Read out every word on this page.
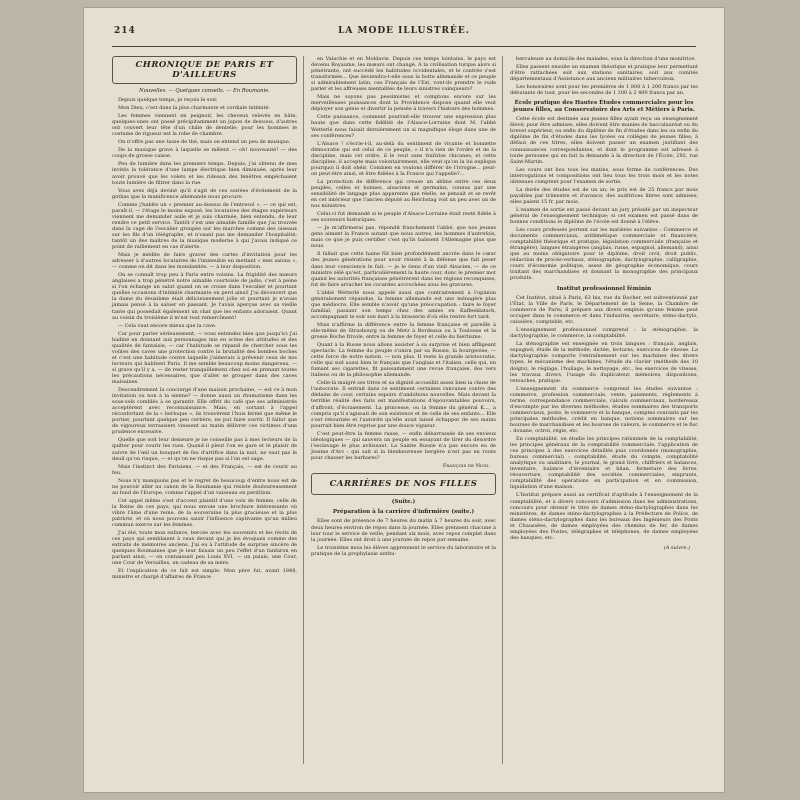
214	LA MODE ILLUSTRÉE.
CHRONIQUE DE PARIS ET D'AILLEURS
Nouvelles. — Quelques conseils. — En Roumanie.

Depuis quelque temps, je reçois le soir.

Mon Dieu, c'est dans la plus charmante et cordiale intimité.

Les femmes viennent en peignoir, les cheveux relevés en hâte, quelques-unes ont passé précipitamment un jupon de dessous, d'autres ont couvert leur tête d'un châle de dentelle; pour les hommes le costume de rigueur est la robe de chambre.

On n'offre pas une tasse de thé, mais on entend un peu de musique.

De la musique grave à laquelle se mêlent — oh! nouveauté! — des coups de grosse caisse.

Peu de lumière dans les premiers temps. Depuis, j'ai obtenu de mes invités la tolérance d'une lampe électrique bien diminuée, après leur avoir prouvé que les volets et les rideaux des fenêtres empêchaient toute lumière de filtrer dans la rue.

Vous avez déjà deviné qu'il s'agit de ces soirées d'évitement de la gothas que la munificence allemande nous procure.

Comme j'habite un « premier au-dessus de l'entresol », — ce qui est, paraît-il, — l'étage le moins exposé, les locataires des étages supérieurs viennent me demander asile et je suis charmée, bien entendu, de leur rendre ce petit service. Tantôt c'est une aimable famille que j'ai trouvée dans la cage de l'escalier groupée sur les marches comme des oiseaux sur les fils d'un télégraphe, et n'osant pas me demander l'hospitalité; tantôt un des maîtres de la musique moderne à qui j'avais indiqué ce point de ralliement en cas d'alerte.

Mais je médite de faire graver des cartes d'invitation pour les adresser à d'autres locataires de l'immeuble en mettant « mes salons », — comme on dit dans les mondanités. — à leur disposition.

On se connaît trop peu à Paris entre voisins. La frigidité des mœurs anglaises a trop pénétré notre aimable courtoisie de jadis; c'est à peine si l'on échange un salut quand on se croise dans l'escalier et pourtant quelles occasions d'intimité charmante on perd ainsi! J'ai découvert que la dame du deuxième était délicieusement jolie et pourtant je n'avais jamais pensé à la saluer en passant. Je l'avais aperçue avec sa vieille tante qui possédait également un chat que les enfants adoraient. Quant au voisin du troisième il m'est tout remercîment!

— Cela vaut encore mieux que la cave.

Car pour parler sérieusement, — vous entendez bien que jusqu'ici j'ai badiné en donnant aux personnages mis en scène des attitudes et des qualités de fantaisie, — car l'habitude se répand de chercher sous les voûtes des caves une protection contre la brutalité des bombes boches et c'est une habitude contre laquelle j'aimerais à prévenir ceux de nos lecteurs qui habitent Paris. Il me semble beaucoup moins dangereux, — si grave qu'il y a, — de rester tranquillement chez soi en prenant toutes les précautions nécessaires, que d'aller se grouper dans des caves malsaines.

Descendrement la concierge d'une maison prochaine, — est ce à mon invitation ou non à la sienne? — donne aussi un rhumatisme dans les sous-sols comblés à se garantir. Elle offrit du café que ses administrés acceptèrent avec reconnaissance. Mais, en sortant à l'appel réconfortant de la « berloque », ils trouvèrent l'huis fermé que même le portier, pourtant quelque peu cerbère, ne put faire ouvrir. Il fallut que de vigoureux terrassiers vinssent au matin délivrer ces victimes d'une prudence excessive.

Quelle que soit leur demeure je ne conseille pas à mes lecteurs de la quitter pour courir les rues. Quand il pleut l'on se gare et le plaisir de suivre de l'œil un bouquet de feu d'artifice dans la nuit, ne vaut pas le deuil qu'on risque, — et qu'on ne risque pas si l'on est sage.

Mais l'instinct des Parisiens, — et des Français, — est de courir au feu.

Nous n'y manquons pas et le regret de beaucoup d'entre nous est de ne pouvoir aller au canon de la Roumanie qui résiste douloureusement au fond de l'Europe, comme l'appel d'un vaisseau en perdition.

Cet appel même s'est d'accent plaintif d'une voix de femme, celle de la Reine de ces pays, qui nous envoie une brochure intéressante où vibre l'âme d'une reine, de la souveraine la plus gracieuse et la plus patriote, et où nous pouvons saisir l'influence captivante qu'un milieu commun exerce sur les femmes.

J'ai été, toute mon enfance, bercée avec les souvenirs et les récits de ces pays qui semblaient à ceux devant qui je les évoquais comme des extraits de mémoires anciens. J'ai eu à l'attitude de surprise sincère de quelques Roumaines que je leur faisais un peu l'effet d'un fanfaron en parlant ainsi, — on connaissait peu Louis XVI, — un palais, une Cour, une Cour de Versailles, un cadeau de sa mère.

Et l'explication de ce fait est simple. Mon père fut, avant 1848, ministre et chargé d'affaires de France

en Valachie et en Moldavie. Depuis ces temps lointains, le pays est devenu Royaume, les mœurs ont changé. À la civilisation turque alors si pénétrante, ont succédé les habitudes occidentales, et le contrée s'est transformée... Que deviendra-t-elle sous la botte allemande et ce peuple si admirablement latin, ces Français de l'Est, vont-ils prendre le rude parler et les affreuses mentalités de leurs sinistres vainqueurs?

Mais ne soyons pas pessimistes et comptons encore sur les merveilleuses puissances dont la Providence dispose quand elle veut déployer son génie et divertir la pensée à travers l'histoire des hommes.

Cette puissance, comment pourrait-elle trouver une expression plus haute que dans cette fidélité de l'Alsace-Lorraine dont M. l'abbé Wetterlé nous faisait dernièrement un si magnifique éloge dans une de ses conférences?

L'Alsace ! s'écrie-t-il, au-delà du sentiment de vivante et bonnette démocratie qui est celui de ce peuple, « il n'a rien de l'ordre et de la discipline, mais cet ordre, il le veut sans traîtrise chicanes, et cette discipline, il accepte mais volontairement, elle veut qu'on la lui explique pourquoi il doit obéir. Combien en voulons différer de l'ivrogne... peut-on peut-être ainsi, et être fidèles à la France qui l'appelle?...

La protection de différence qui creuse un abîme entre ces deux peuples, celles et bonnes, alsaciens et germains, connus par une sensibilité de langage plus apparente que réelle, se pensait et se revêt en cet intérieur que l'ancien député au Reichstag voit un peu avec un de nos ministres.

Celui-ci fut demandé si le peuple d'Alsace-Lorraine était resté fidèle à ses souvenirs historiques.

— Je m'affirmerai pas, répondit franchement l'abbé, que nos jeunes gens aiment la France autant que nous autres, les hommes d'autrefois, mais ce que je puis certifier c'est qu'ils haïssent l'Allemagne plus que nous.

Il fallait que cette haine fût bien profondément ancrée dans le cœur des jeunes générations pour avoir résisté à la défense que fait peser dans leur conscience le fait, — je le tiens d'un vieil Alsacien, — de ce ministre zélé qu'est, particulièrement la haute cour, donc le premier mot quand les autorités françaises pénétrèrent dans les régions reconquises, fut de faire arracher les cocardes accrochées sous les gravures.

L'abbé Wetterlé nous appelé aussi que contrairement à l'opinion généralement répandue, la femme allemande est une ménagère plus que médiocre. Elle semble n'avoir qu'une préoccupation : faire le foyer familial, passant son temps chez des amies en Kaffeeklatsch, accompagnant le soir son mari à la brasserie d'où elle rentre fort tard.

Mais n'affirme la différence entre la femme française et pareille à elle-même de Strasbourg ou de Metz à Bordeaux ou à Toulouse et la grosse Boche frivole, entre la femme de foyer et celle du biertisme.

Quant à la Russe nous allons assister à sa surprise et bien affligeant spectacle. La femme du peuple s'unira par sa Russie, la bourgeoise, — cette force de notre nation, — non plus. Il reste la grande aristocratie, celle qui suit aussi bien le français que l'anglais et l'italien, celle qui, en fumant ses cigarettes, fit puissamment une revue française, des vers italiens ou de la philosophie allemande.

Celle-là malgré ses titres et sa dignité accueillit assez bien la chute de l'autocrate. Il entrait dans ce sentiment certaines rancunes contre des dédains de cour, certains espoirs d'ambitions nouvelles. Mais devant la terrible réalité des faits est manifestations d'épouvantables pouvoirs, d'affront, d'écrasement. La princesse, ou la femme du général K..., a compris qu'il s'agissait de son existence et de celle de ses enfants... Elle s'est retournée et l'autorité qu'elle avait laissé échapper de ses mains pourrait bien être reprise par une douce vigueur.

C'est peut-être la femme russe, — enfin débarrassée de ses envieux idéologiques — qui sauvera un peuple en essayant de tirer du désordre l'esclavage le plus avilissant. La Sainte Russie n'a pas encore eu de Jeanne d'Arc : qui sait si la bienheureuse bergère n'est pas en route pour chasser les barbares?

François de Nion.
CARRIÈRES DE NOS FILLES
(Suite.)
Préparation à la carrière d'infirmière (suite.)

Elles sont de présence de 7 heures du matin à 7 heures du soir, avec deux heures environ de repos dans la journée. Elles prennent chacune à leur tour le service de veille, pendant six mois, avec repos complet dans la journée. Elles ont droit à une journée de repos par semaine.

Le troisième mois les élèves apprennent le service du laboratoire et la pratique de la prophylaxie antitu-

berculeuse au domicile des malades, sous la direction d'une monitrice.

Elles passent ensuite un examen théorique et pratique leur permettant d'être rattachées soit aux stations sanitaires, soit aux comités départementaux d'Assistance aux anciens militaires tuberculeux.

Les honoraires sont pour les premières de 1 800 à 1 200 francs par les débutants de tout, pour les secondes de 1 200 à 2 400 francs par an.

École pratique des Hautes Études commerciales pour les jeunes filles, au Conservatoire des Arts et Métiers à Paris.

Cette école est destinée aux jeunes filles ayant reçu un enseignement élevé; pour être admises, elles doivent être munies de baccalauréat ou du brevet supérieur, ou enfin du diplôme de fin d'études dans les ou enfin du diplôme de fin d'études dans les lycées ou collèges de jeunes filles; à défaut de ces titres, elles doivent passer un examen justifiant des connaissances correspondantes, et dont le programme est adressé à toute personne qui en fait la demande à la direction de l'École, 292, rue Saint-Martin.

Les cours ont lieu tous les matins, sous forme de conférences. Des interrogations et compositions ont lieu tous les trois mois et les notes obtenues comptent pour l'examen de sortie.

La durée des études est de un an; le prix est de 25 francs par mois payables par trimestre et d'avance; des auditrices libres sont admises; elles paient 15 fr. par mois.

L'examen de sortie est passé devant un jury présidé par un inspecteur général de l'enseignement technique; si cet examen est passé dans de bonnes conditions le diplôme de l'école est donné à l'élève.

Les cours professés portent sur les matières suivantes : Commerce et documents commerciaux, arithmétique commerciale et financière, comptabilité théorique et pratique, législation commerciale (française et étrangère), langues étrangères (anglais, russe, espagnol, allemand), ainsi que au moins obligatoire pour le diplôme, droit civil, droit public, rédaction de procès-verbaux, sténographie, dactylographie, calligraphie, cours d'économie politique, assez de géographie économique, cours traitant des marchandises et donnant la monographie des principaux produits.

Institut professionnel féminin

Cet Institut, situé à Paris, 63 bis, rue du Rocher, est subventionné par l'État, la Ville de Paris, le Département de la Seine, la Chambre de commerce de Paris; il prépare aux divers emplois qu'une femme peut occuper dans le commerce et dans l'industrie, secrétaire, sténo-dactylo, caissière, comptable, etc.

L'enseignement professionnel comprend : la sténographie, la dactylographie, le commerce, la comptabilité.

La sténographie est enseignée en trois langues : français, anglais, espagnol; étude de la méthode, dictée, lectures, exercices de vitesse. La dactylographie comporte l'entraînement sur les machines des divers types, le mécanisme des machines, l'étude du clavier (méthode des 10 doigts), le réglage, l'huilage, le nettoyage, etc., les exercices de vitesse, les travaux divers, l'usage du duplicateur, mémoires, dispositions, retouches, pratique.

L'enseignement du commerce comprend les études suivantes : commerce, profession commerciale, vente, paiements, règlements à terme, correspondance commerciale, calculs commerciaux, bordereaux d'escompte par les diverses méthodes, études sommaires des transports commerciaux, poste, le commerce et la banque, comptes courants par les principales méthodes, crédit en banque, notions sommaires sur les bourses de marchandises et les bourses de valeurs, le commerce et le fisc : douane, octroi, régie, etc.

En comptabilité, on étudie les principes rationnels de la comptabilité, les principes généraux de la comptabilité commerciale, l'application de ces principes à des exercices détaillés puis coordonnés (monographie, bureau commercial) : comptabilité, étude du compte, comptabilité analytique ou analitaire, le journal, le grand livre, chiffriers et balances, inventaire, balance d'inventaire et bilan, fermeture des livres, réouverture, comptabilité des sociétés commerciales, emprunts, comptabilité des opérations en participation et en commission, liquidation d'une maison.

L'Institut prépare aussi au certificat d'aptitude à l'enseignement de la comptabilité, et à divers concours d'admission dans les administrations, concours pour obtenir le titre de dames sténo-dactylographes dans les ministères, de dames sténo-dactylographes à la Préfecture de Police, de dames sténo-dactylographes dans les bureaux des Ingénieurs des Ponts et Chaussées, de dames employées des chemins de fer, de dames employées des Postes, télégraphes et téléphones, de dames employées des banques, etc.

(A suivre.)
